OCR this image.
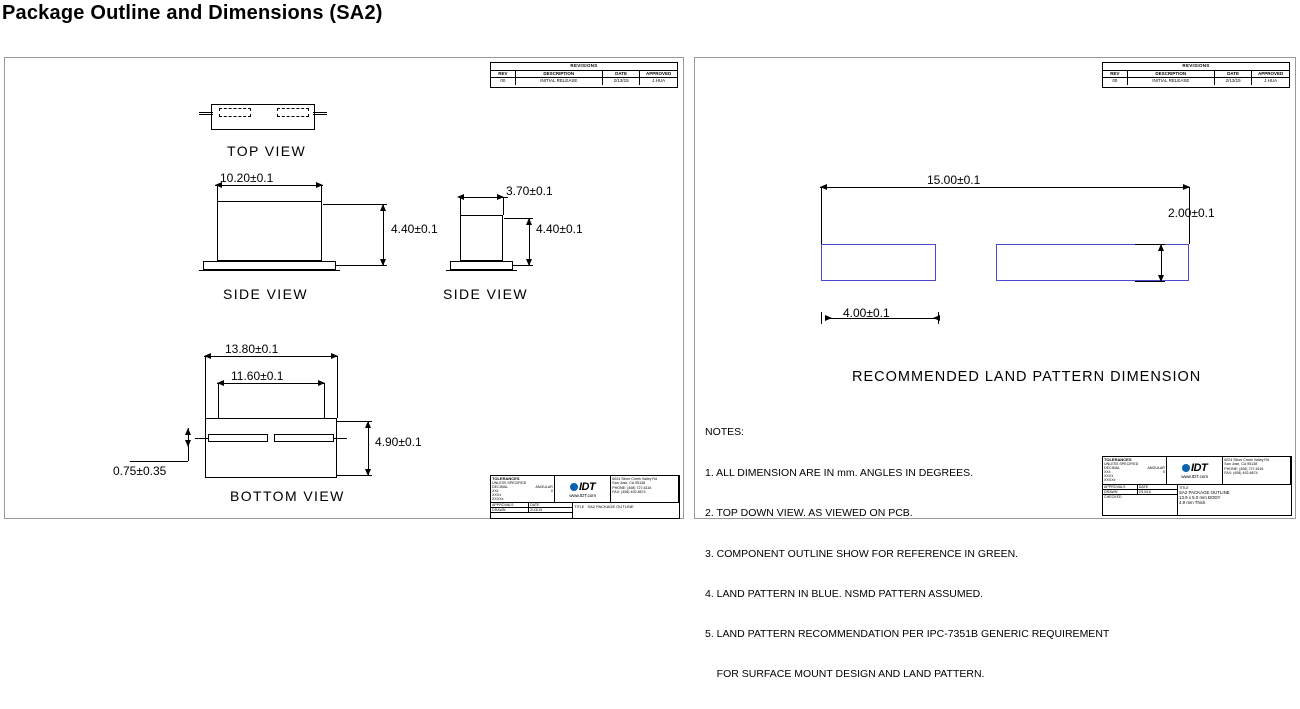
Package Outline and Dimensions (SA2)
REVISIONS
REV	DESCRIPTION	DATE	APPROVED
00	INITIAL RELEASE	2/13/15	J.HUA
TOP VIEW
10.20±0.1
4.40±0.1
SIDE VIEW
3.70±0.1
4.40±0.1
SIDE VIEW
13.80±0.1
11.60±0.1
4.90±0.1
0.75±0.35
BOTTOM VIEW
TOLERANCES
UNLESS SPECIFIED
DECIMAL	ANGULAR
XX±	0
XXX±
XXXX±
IDT
www.IDT.com
6024 Silver Creek Valley Rd
San Jose, CA 95138
PHONE: (408) 727-6116
FAX: (408) 492-8674
APPROVALS	DATE
DRAWN	2/13/15
TITLE SA2 PACKAGE OUTLINE
REVISIONS
REV	DESCRIPTION	DATE	APPROVED
00	INITIAL RELEASE	2/13/15	J.HUA
15.00±0.1
2.00±0.1
4.00±0.1
RECOMMENDED LAND PATTERN DIMENSION
NOTES:

1. ALL DIMENSION ARE IN mm. ANGLES IN DEGREES.

2. TOP DOWN VIEW. AS VIEWED ON PCB.

3. COMPONENT OUTLINE SHOW FOR REFERENCE IN GREEN.

4. LAND PATTERN IN BLUE. NSMD PATTERN ASSUMED.

5. LAND PATTERN RECOMMENDATION PER IPC-7351B GENERIC REQUIREMENT

FOR SURFACE MOUNT DESIGN AND LAND PATTERN.

TOLERANCES
UNLESS SPECIFIED
DECIMAL	ANGULAR
XX±	0
XXX±
XXXX±
IDT
www.IDT.com
6024 Silver Creek Valley Rd
San Jose, CA 95138
PHONE: (408) 727-6116
FAX: (408) 492-8674
APPROVALS	DATE
DRAWN	2/13/15
CHECKED
TITLE
SA2 PACKAGE OUTLINE
13.9 x 5.0 mm BODY
4.9 mm Thick
